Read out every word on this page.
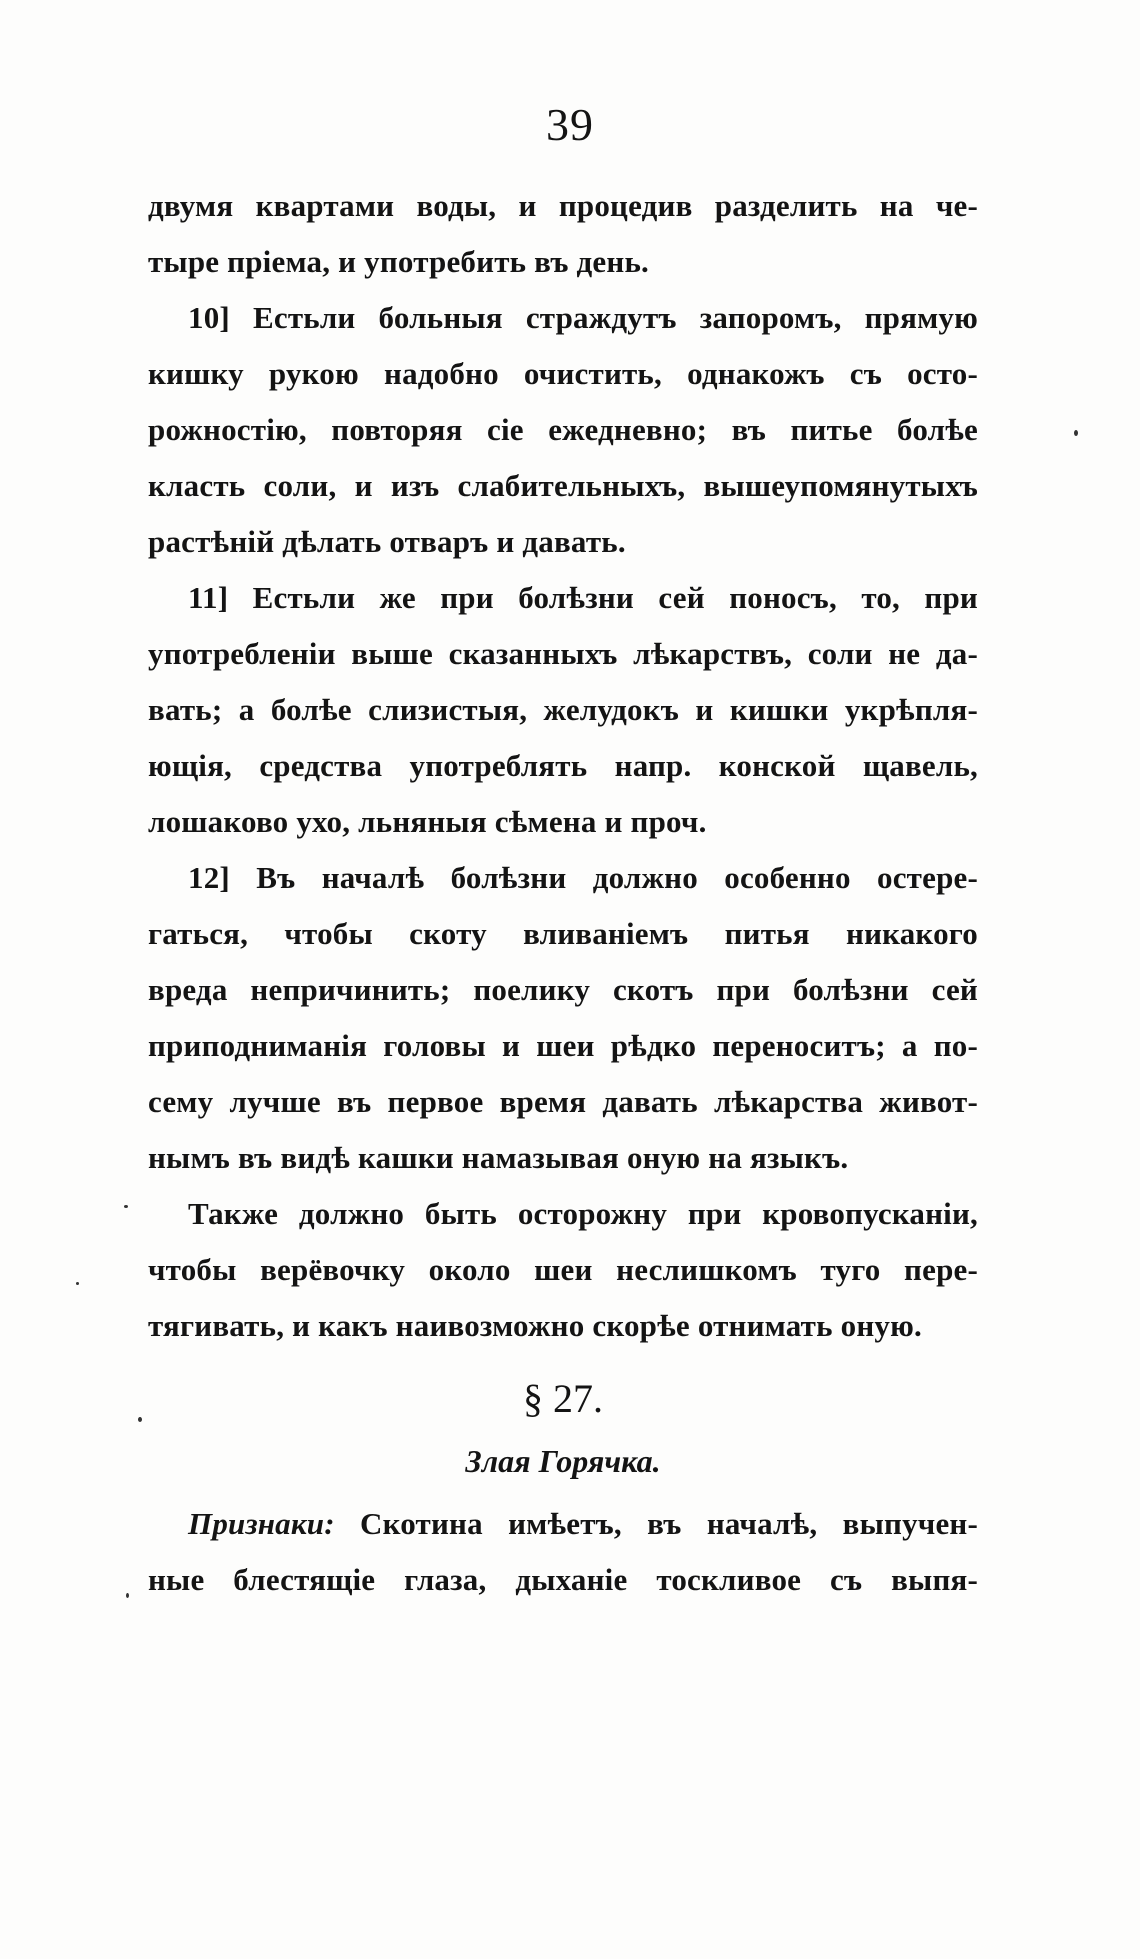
39
двумя квартами воды, и процедив разделить на че-
тыре пріема, и употребить въ день.
10] Естьли больныя страждутъ запоромъ, прямую
кишку рукою надобно очистить, однакожъ съ осто-
рожностію, повторяя сіе ежедневно; въ питье болѣе
класть соли, и изъ слабительныхъ, вышеупомянутыхъ
растѣній дѣлать отваръ и давать.
11] Естьли же при болѣзни сей поносъ, то, при
употребленіи выше сказанныхъ лѣкарствъ, соли не да-
вать; а болѣе слизистыя, желудокъ и кишки укрѣпля-
ющія, средства употреблять напр. конской щавель,
лошаково ухо, льняныя сѣмена и проч.
12] Въ началѣ болѣзни должно особенно остере-
гаться, чтобы скоту вливаніемъ питья никакого
вреда непричинить; поелику скотъ при болѣзни сей
приподниманія головы и шеи рѣдко переноситъ; а по-
сему лучше въ первое время давать лѣкарства живот-
нымъ въ видѣ кашки намазывая оную на языкъ.
Также должно быть осторожну при кровопусканіи,
чтобы верёвочку около шеи неслишкомъ туго пере-
тягивать, и какъ наивозможно скорѣе отнимать оную.
§ 27.
Злая Горячка.
Признаки: Скотина имѣетъ, въ началѣ, выпучен-
ные блестящіе глаза, дыханіе тоскливое съ выпя-
